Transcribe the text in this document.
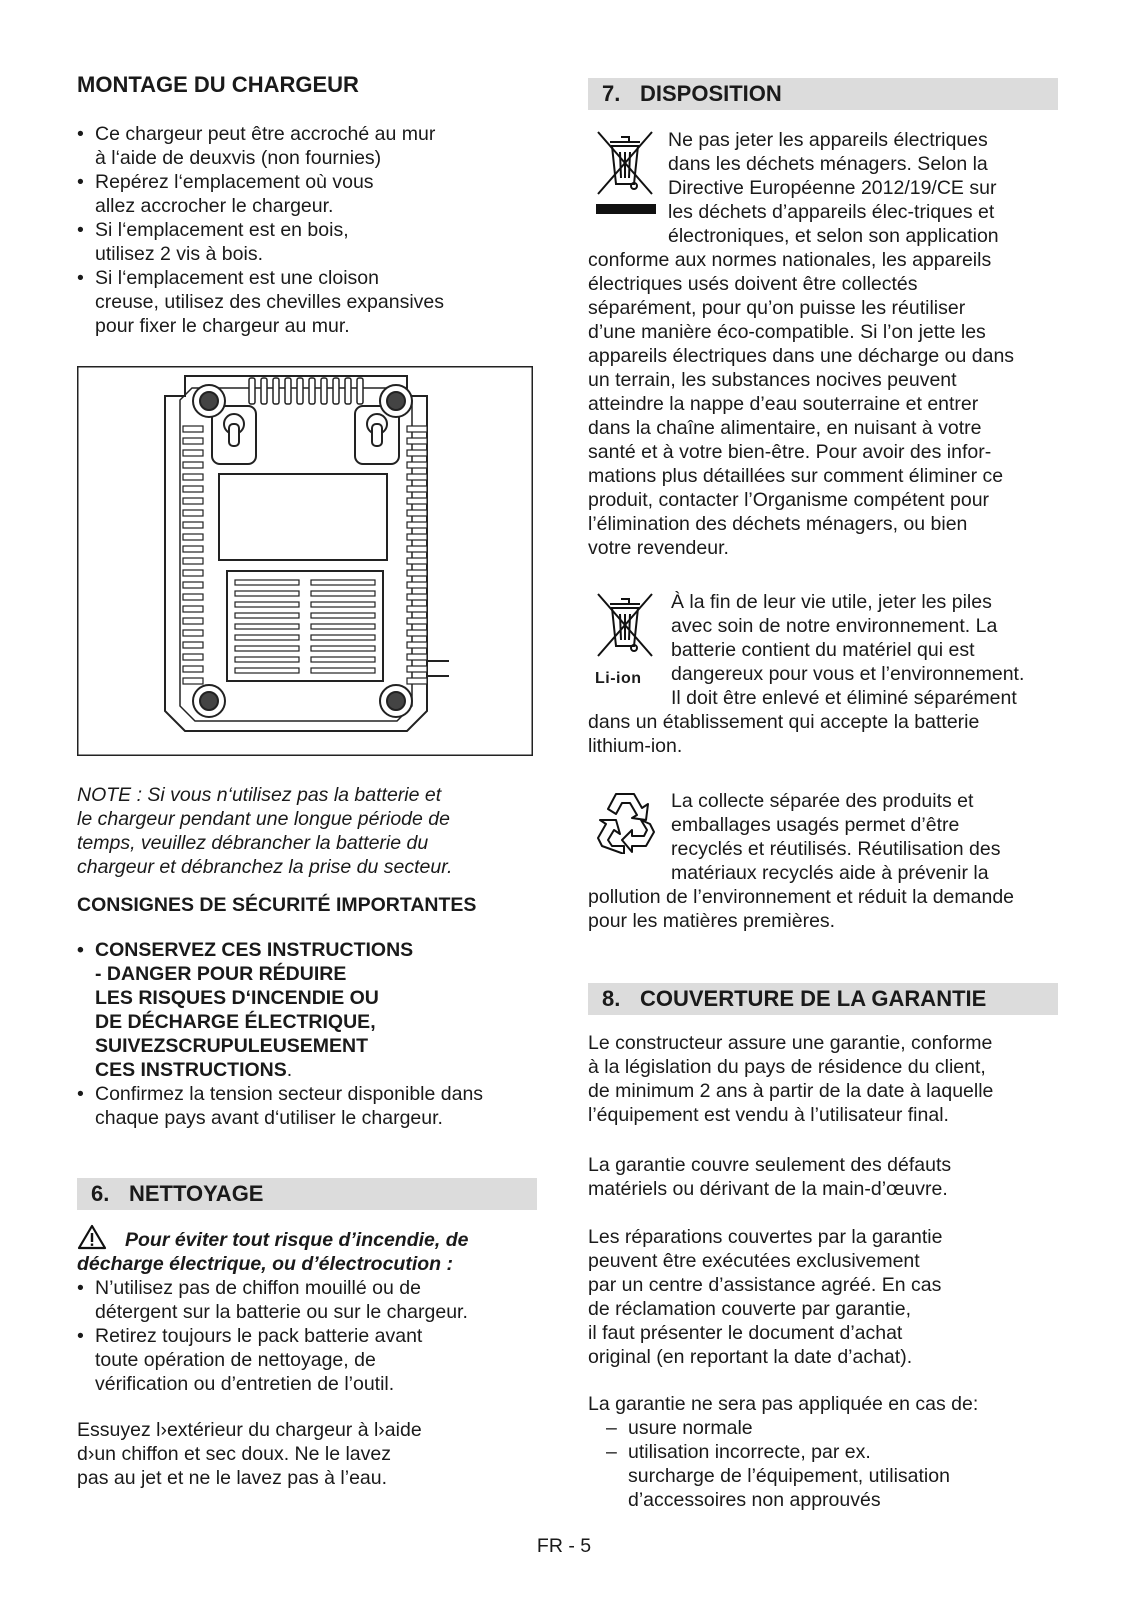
MONTAGE DU CHARGEUR
• Ce chargeur peut être accroché au mur
à l‘aide de deuxvis (non fournies)
• Repérez l‘emplacement où vous
allez accrocher le chargeur.
• Si l‘emplacement est en bois,
utilisez 2 vis à bois.
• Si l‘emplacement est une cloison
creuse, utilisez des chevilles expansives
pour fixer le chargeur au mur.
NOTE : Si vous n‘utilisez pas la batterie et
le chargeur pendant une longue période de
temps, veuillez débrancher la batterie du
chargeur et débranchez la prise du secteur.
CONSIGNES DE SÉCURITÉ IMPORTANTES
• CONSERVEZ CES INSTRUCTIONS
- DANGER POUR RÉDUIRE
LES RISQUES D‘INCENDIE OU
DE DÉCHARGE ÉLECTRIQUE,
SUIVEZSCRUPULEUSEMENT
CES INSTRUCTIONS.
• Confirmez la tension secteur disponible dans
chaque pays avant d‘utiliser le chargeur.
6. NETTOYAGE
Pour éviter tout risque d’incendie, de
décharge électrique, ou d’électrocution :
• N’utilisez pas de chiffon mouillé ou de
détergent sur la batterie ou sur le chargeur.
• Retirez toujours le pack batterie avant
toute opération de nettoyage, de
vérification ou d’entretien de l’outil.
Essuyez l›extérieur du chargeur à l›aide
d›un chiffon et sec doux. Ne le lavez
pas au jet et ne le lavez pas à l’eau.
7. DISPOSITION
Ne pas jeter les appareils électriques
dans les déchets ménagers. Selon la
Directive Européenne 2012/19/CE sur
les déchets d’appareils élec-triques et
électroniques, et selon son application
conforme aux normes nationales, les appareils
électriques usés doivent être collectés
séparément, pour qu’on puisse les réutiliser
d’une manière éco-compatible. Si l’on jette les
appareils électriques dans une décharge ou dans
un terrain, les substances nocives peuvent
atteindre la nappe d’eau souterraine et entrer
dans la chaîne alimentaire, en nuisant à votre
santé et à votre bien-être. Pour avoir des infor-
mations plus détaillées sur comment éliminer ce
produit, contacter l’Organisme compétent pour
l’élimination des déchets ménagers, ou bien
votre revendeur.
Li-ion
À la fin de leur vie utile, jeter les piles
avec soin de notre environnement. La
batterie contient du matériel qui est
dangereux pour vous et l’environnement.
Il doit être enlevé et éliminé séparément
dans un établissement qui accepte la batterie
lithium-ion.
La collecte séparée des produits et
emballages usagés permet d’être
recyclés et réutilisés. Réutilisation des
matériaux recyclés aide à prévenir la
pollution de l’environnement et réduit la demande
pour les matières premières.
8. COUVERTURE DE LA GARANTIE
Le constructeur assure une garantie, conforme
à la législation du pays de résidence du client,
de minimum 2 ans à partir de la date à laquelle
l’équipement est vendu à l’utilisateur final.
La garantie couvre seulement des défauts
matériels ou dérivant de la main-d’œuvre.
Les réparations couvertes par la garantie
peuvent être exécutées exclusivement
par un centre d’assistance agréé. En cas
de réclamation couverte par garantie,
il faut présenter le document d’achat
original (en reportant la date d’achat).

La garantie ne sera pas appliquée en cas de:

– usure normale
– utilisation incorrecte, par ex.
surcharge de l’équipement, utilisation
d’accessoires non approuvés
FR - 5
